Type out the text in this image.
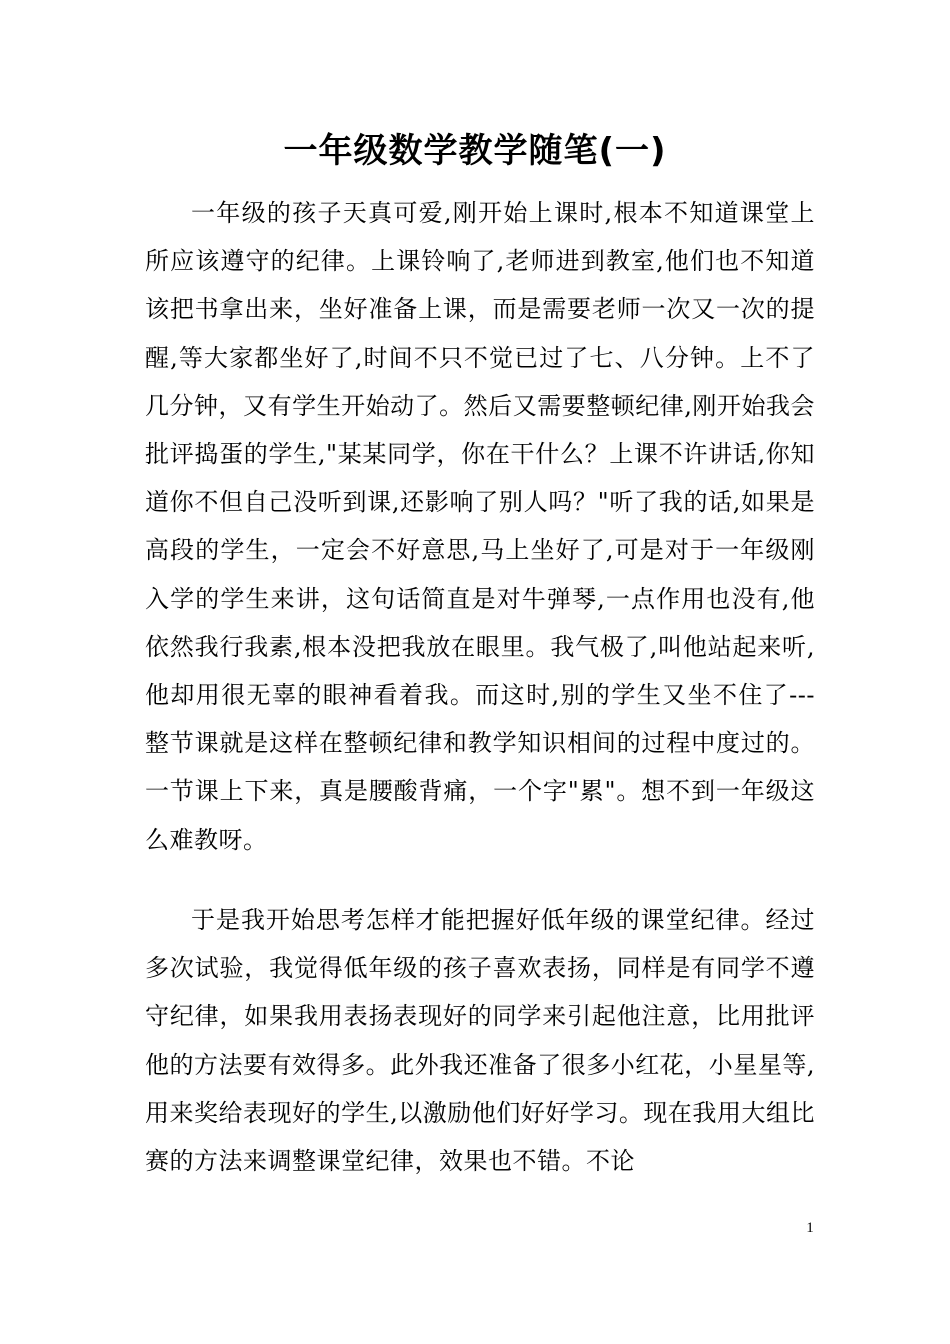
一年级数学教学随笔(一)

一年级的孩子天真可爱,刚开始上课时,根本不知道课堂上所应该遵守的纪律。上课铃响了,老师进到教室,他们也不知道该把书拿出来，坐好准备上课，而是需要老师一次又一次的提醒,等大家都坐好了,时间不只不觉已过了七、八分钟。上不了几分钟，又有学生开始动了。然后又需要整顿纪律,刚开始我会批评捣蛋的学生,"某某同学，你在干什么？上课不许讲话,你知道你不但自己没听到课,还影响了别人吗？"听了我的话,如果是高段的学生，一定会不好意思,马上坐好了,可是对于一年级刚入学的学生来讲，这句话简直是对牛弹琴,一点作用也没有,他依然我行我素,根本没把我放在眼里。我气极了,叫他站起来听,他却用很无辜的眼神看着我。而这时,别的学生又坐不住了---整节课就是这样在整顿纪律和教学知识相间的过程中度过的。一节课上下来，真是腰酸背痛，一个字"累"。想不到一年级这么难教呀。

于是我开始思考怎样才能把握好低年级的课堂纪律。经过多次试验，我觉得低年级的孩子喜欢表扬，同样是有同学不遵守纪律，如果我用表扬表现好的同学来引起他注意，比用批评他的方法要有效得多。此外我还准备了很多小红花，小星星等,用来奖给表现好的学生,以激励他们好好学习。现在我用大组比赛的方法来调整课堂纪律，效果也不错。不论

1
